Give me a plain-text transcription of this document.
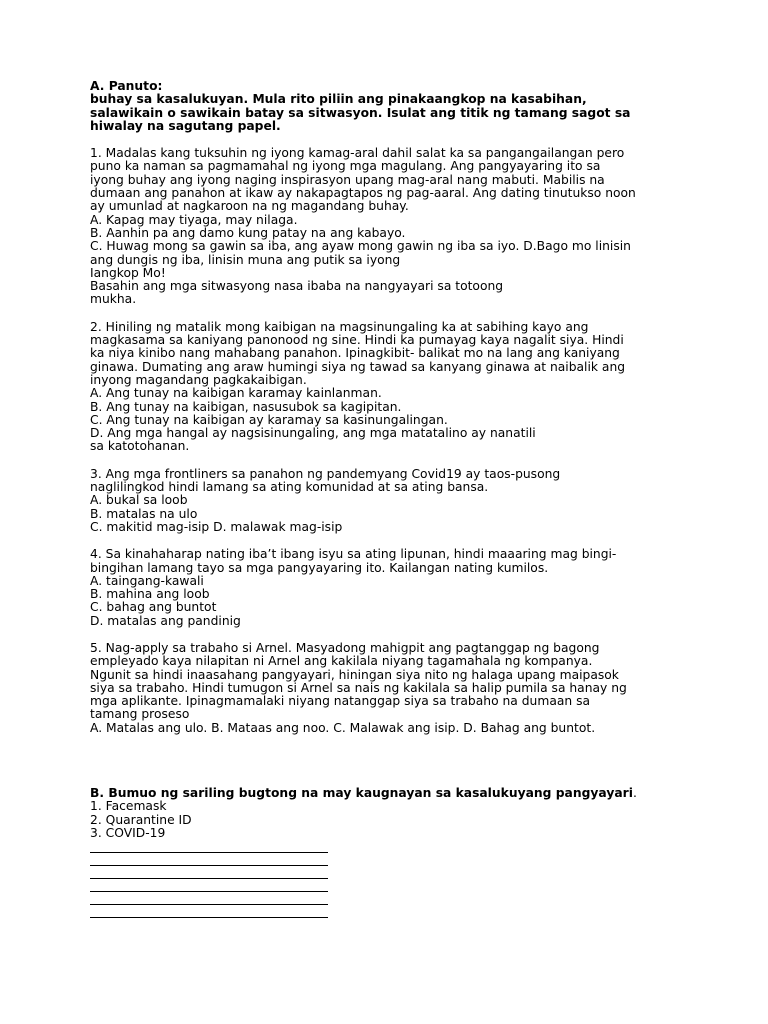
A. Panuto:
buhay sa kasalukuyan. Mula rito piliin ang pinakaangkop na kasabihan,
salawikain o sawikain batay sa sitwasyon. Isulat ang titik ng tamang sagot sa
hiwalay na sagutang papel.
1. Madalas kang tuksuhin ng iyong kamag-aral dahil salat ka sa pangangailangan pero
puno ka naman sa pagmamahal ng iyong mga magulang. Ang pangyayaring ito sa
iyong buhay ang iyong naging inspirasyon upang mag-aral nang mabuti. Mabilis na
dumaan ang panahon at ikaw ay nakapagtapos ng pag-aaral. Ang dating tinutukso noon
ay umunlad at nagkaroon na ng magandang buhay.
A. Kapag may tiyaga, may nilaga.
B. Aanhin pa ang damo kung patay na ang kabayo.
C. Huwag mong sa gawin sa iba, ang ayaw mong gawin ng iba sa iyo. D.Bago mo linisin
ang dungis ng iba, linisin muna ang putik sa iyong
Iangkop Mo!
Basahin ang mga sitwasyong nasa ibaba na nangyayari sa totoong
mukha.
2. Hiniling ng matalik mong kaibigan na magsinungaling ka at sabihing kayo ang
magkasama sa kaniyang panonood ng sine. Hindi ka pumayag kaya nagalit siya. Hindi
ka niya kinibo nang mahabang panahon. Ipinagkibit- balikat mo na lang ang kaniyang
ginawa. Dumating ang araw humingi siya ng tawad sa kanyang ginawa at naibalik ang
inyong magandang pagkakaibigan.
A. Ang tunay na kaibigan karamay kainlanman.
B. Ang tunay na kaibigan, nasusubok sa kagipitan.
C. Ang tunay na kaibigan ay karamay sa kasinungalingan.
D. Ang mga hangal ay nagsisinungaling, ang mga matatalino ay nanatili
sa katotohanan.
3. Ang mga frontliners sa panahon ng pandemyang Covid19 ay taos-pusong
naglilingkod hindi lamang sa ating komunidad at sa ating bansa.
A. bukal sa loob
B. matalas na ulo
C. makitid mag-isip D. malawak mag-isip
4. Sa kinahaharap nating iba’t ibang isyu sa ating lipunan, hindi maaaring mag bingi-
bingihan lamang tayo sa mga pangyayaring ito. Kailangan nating kumilos.
A. taingang-kawali
B. mahina ang loob
C. bahag ang buntot
D. matalas ang pandinig
5. Nag-apply sa trabaho si Arnel. Masyadong mahigpit ang pagtanggap ng bagong
empleyado kaya nilapitan ni Arnel ang kakilala niyang tagamahala ng kompanya.
Ngunit sa hindi inaasahang pangyayari, hiningan siya nito ng halaga upang maipasok
siya sa trabaho. Hindi tumugon si Arnel sa nais ng kakilala sa halip pumila sa hanay ng
mga aplikante. Ipinagmamalaki niyang natanggap siya sa trabaho na dumaan sa
tamang proseso
A. Matalas ang ulo. B. Mataas ang noo. C. Malawak ang isip. D. Bahag ang buntot.
B. Bumuo ng sariling bugtong na may kaugnayan sa kasalukuyang pangyayari.
1. Facemask
2. Quarantine ID
3. COVID-19
